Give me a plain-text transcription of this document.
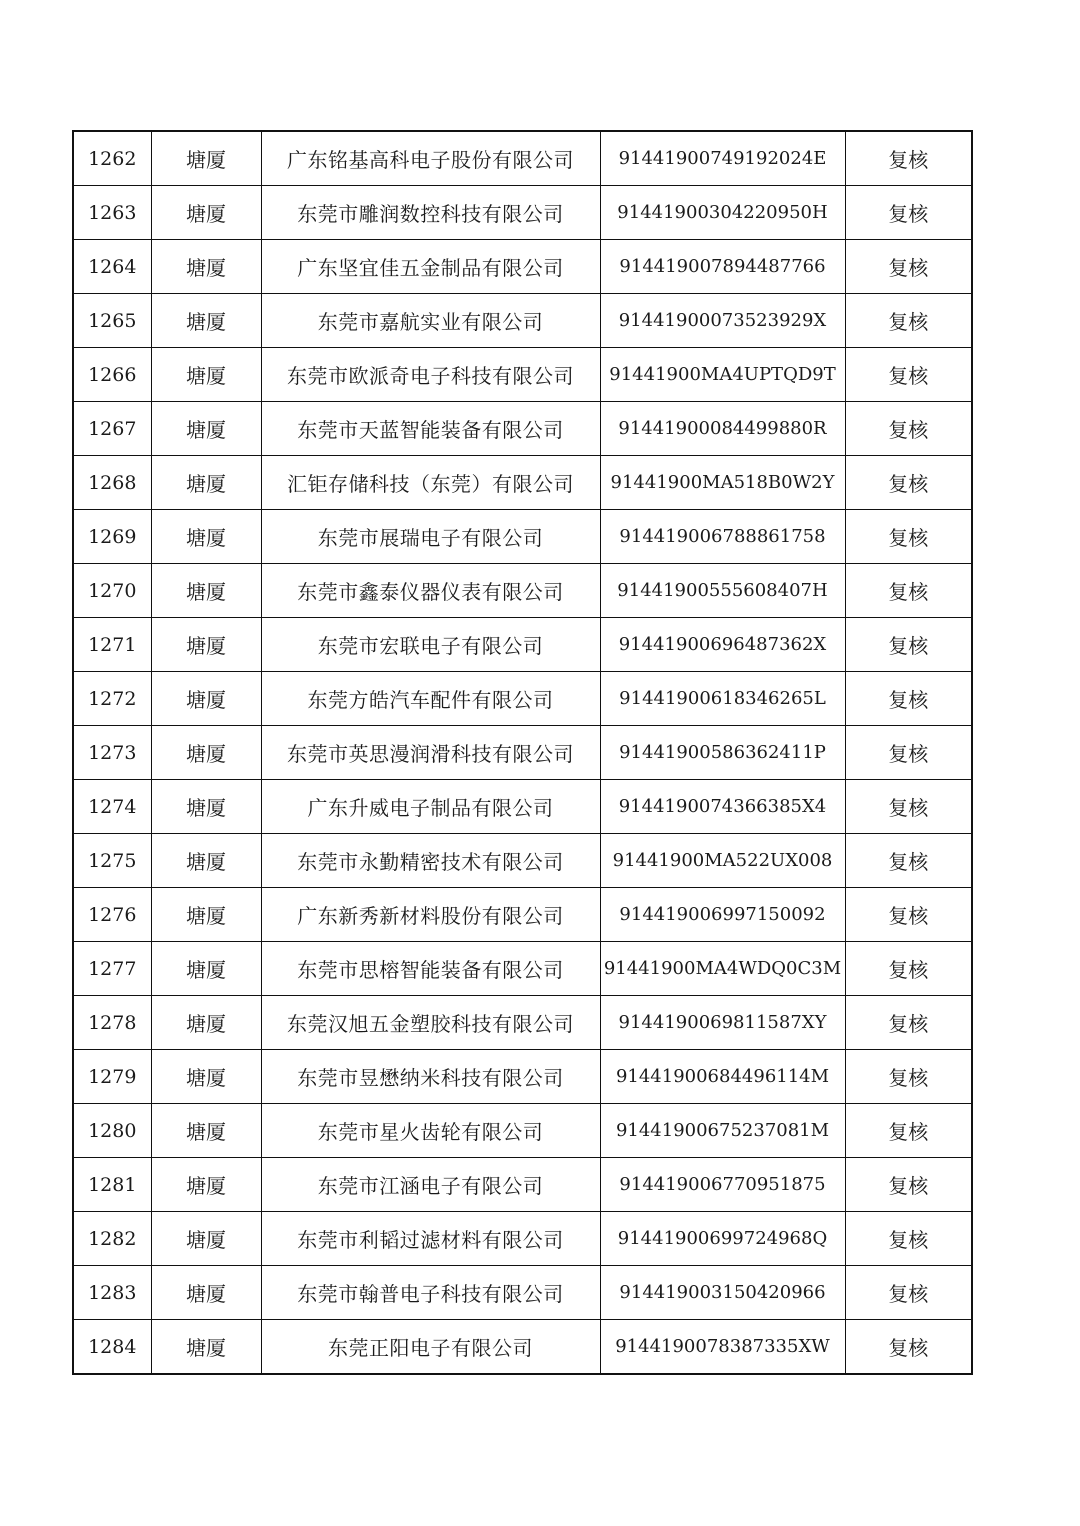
1262	塘厦	广东铭基高科电子股份有限公司	91441900749192024E	复核
1263	塘厦	东莞市雕润数控科技有限公司	91441900304220950H	复核
1264	塘厦	广东坚宜佳五金制品有限公司	914419007894487766	复核
1265	塘厦	东莞市嘉航实业有限公司	91441900073523929X	复核
1266	塘厦	东莞市欧派奇电子科技有限公司	91441900MA4UPTQD9T	复核
1267	塘厦	东莞市天蓝智能装备有限公司	91441900084499880R	复核
1268	塘厦	汇钜存储科技（东莞）有限公司	91441900MA518B0W2Y	复核
1269	塘厦	东莞市展瑞电子有限公司	914419006788861758	复核
1270	塘厦	东莞市鑫泰仪器仪表有限公司	91441900555608407H	复核
1271	塘厦	东莞市宏联电子有限公司	91441900696487362X	复核
1272	塘厦	东莞方皓汽车配件有限公司	91441900618346265L	复核
1273	塘厦	东莞市英思漫润滑科技有限公司	91441900586362411P	复核
1274	塘厦	广东升威电子制品有限公司	9144190074366385X4	复核
1275	塘厦	东莞市永勤精密技术有限公司	91441900MA522UX008	复核
1276	塘厦	广东新秀新材料股份有限公司	914419006997150092	复核
1277	塘厦	东莞市思榕智能装备有限公司	91441900MA4WDQ0C3M	复核
1278	塘厦	东莞汉旭五金塑胶科技有限公司	9144190069811587XY	复核
1279	塘厦	东莞市昱懋纳米科技有限公司	91441900684496114M	复核
1280	塘厦	东莞市星火齿轮有限公司	91441900675237081M	复核
1281	塘厦	东莞市江涵电子有限公司	914419006770951875	复核
1282	塘厦	东莞市利韬过滤材料有限公司	91441900699724968Q	复核
1283	塘厦	东莞市翰普电子科技有限公司	914419003150420966	复核
1284	塘厦	东莞正阳电子有限公司	9144190078387335XW	复核
